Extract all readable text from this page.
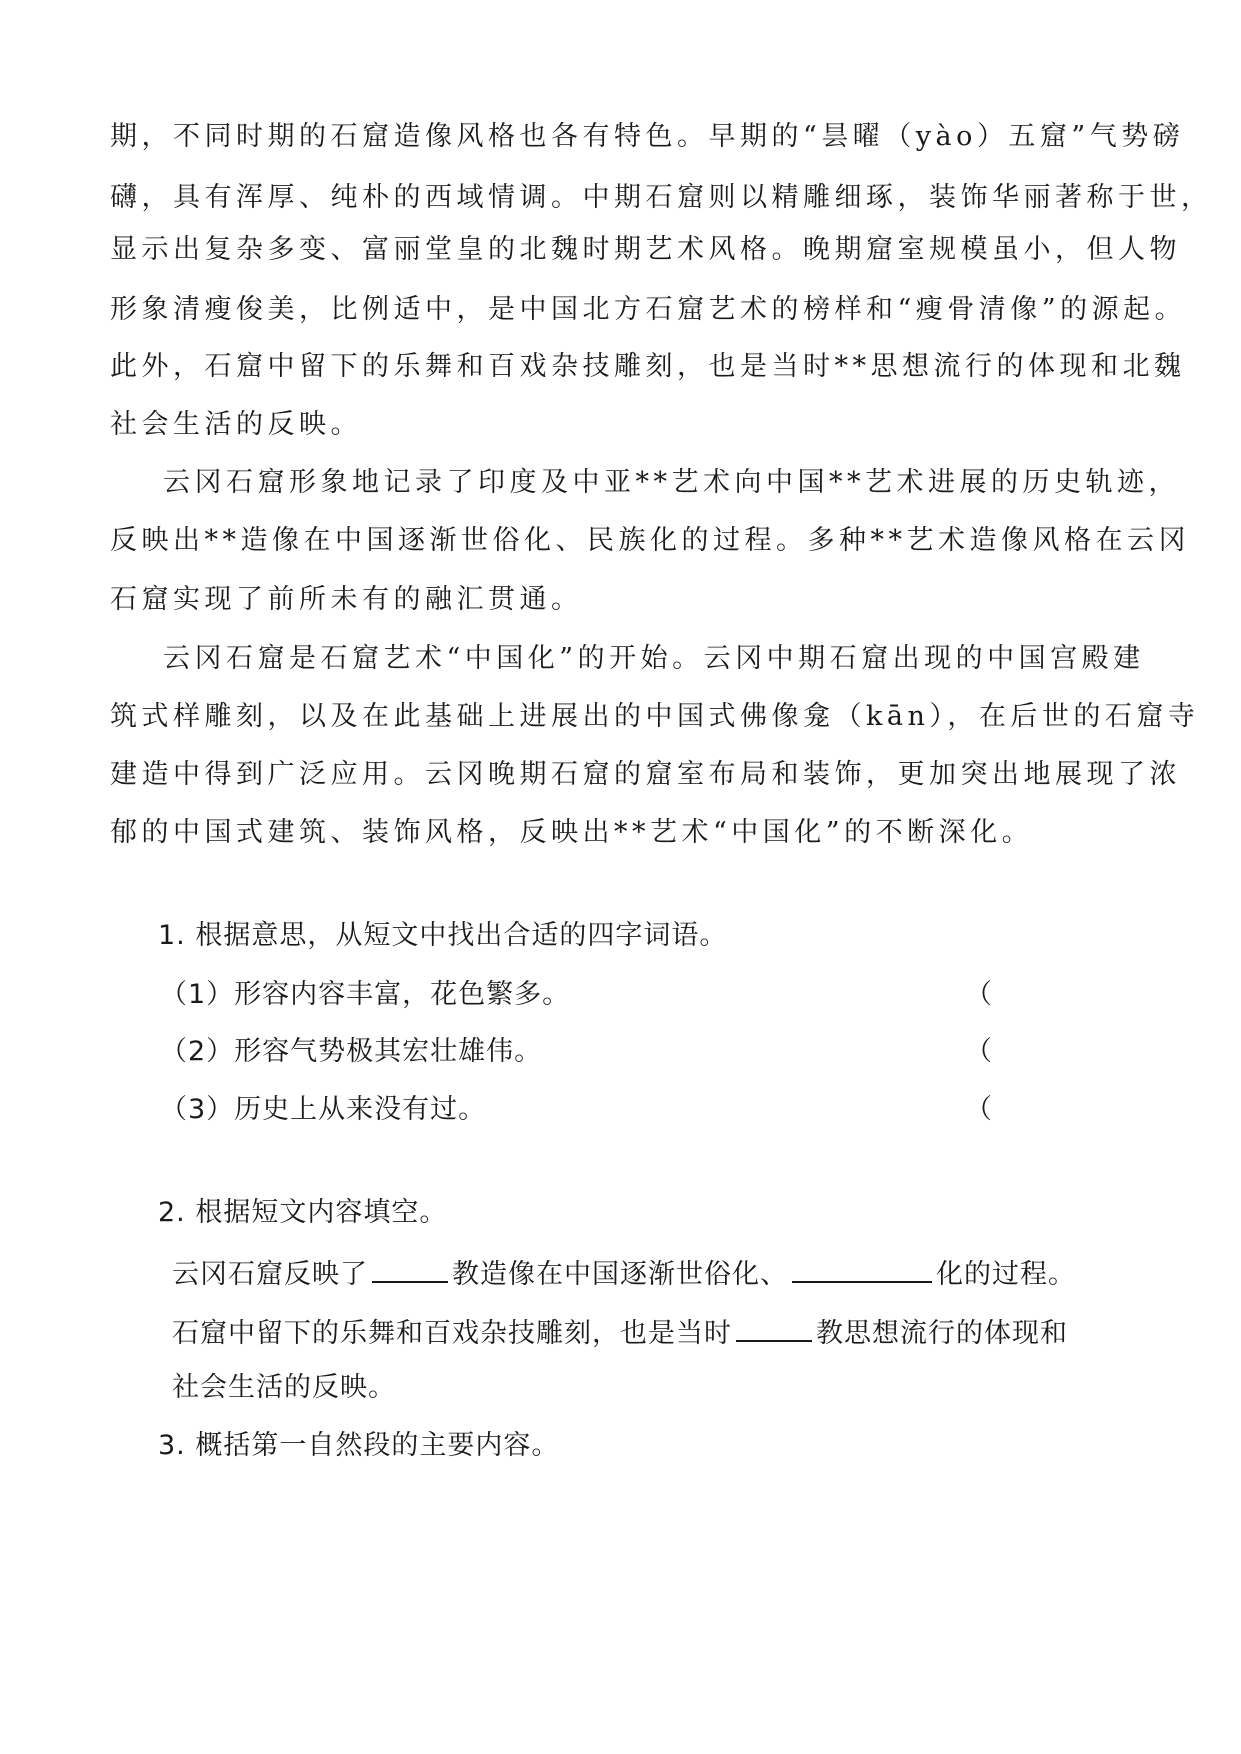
期，不同时期的石窟造像风格也各有特色。早期的“昙曜（yào）五窟”气势磅
礴，具有浑厚、纯朴的西域情调。中期石窟则以精雕细琢，装饰华丽著称于世，
显示出复杂多变、富丽堂皇的北魏时期艺术风格。晚期窟室规模虽小，但人物
形象清瘦俊美，比例适中，是中国北方石窟艺术的榜样和“瘦骨清像”的源起。
此外，石窟中留下的乐舞和百戏杂技雕刻，也是当时**思想流行的体现和北魏
社会生活的反映。
云冈石窟形象地记录了印度及中亚**艺术向中国**艺术进展的历史轨迹，
反映出**造像在中国逐渐世俗化、民族化的过程。多种**艺术造像风格在云冈
石窟实现了前所未有的融汇贯通。
云冈石窟是石窟艺术“中国化”的开始。云冈中期石窟出现的中国宫殿建
筑式样雕刻，以及在此基础上进展出的中国式佛像龛（kān），在后世的石窟寺
建造中得到广泛应用。云冈晚期石窟的窟室布局和装饰，更加突出地展现了浓
郁的中国式建筑、装饰风格，反映出**艺术“中国化”的不断深化。
1. 根据意思，从短文中找出合适的四字词语。
（1）形容内容丰富，花色繁多。	（
（2）形容气势极其宏壮雄伟。	（
（3）历史上从来没有过。	（
2. 根据短文内容填空。
云冈石窟反映了	教造像在中国逐渐世俗化、	化的过程。
石窟中留下的乐舞和百戏杂技雕刻，也是当时	教思想流行的体现和
社会生活的反映。
3. 概括第一自然段的主要内容。
